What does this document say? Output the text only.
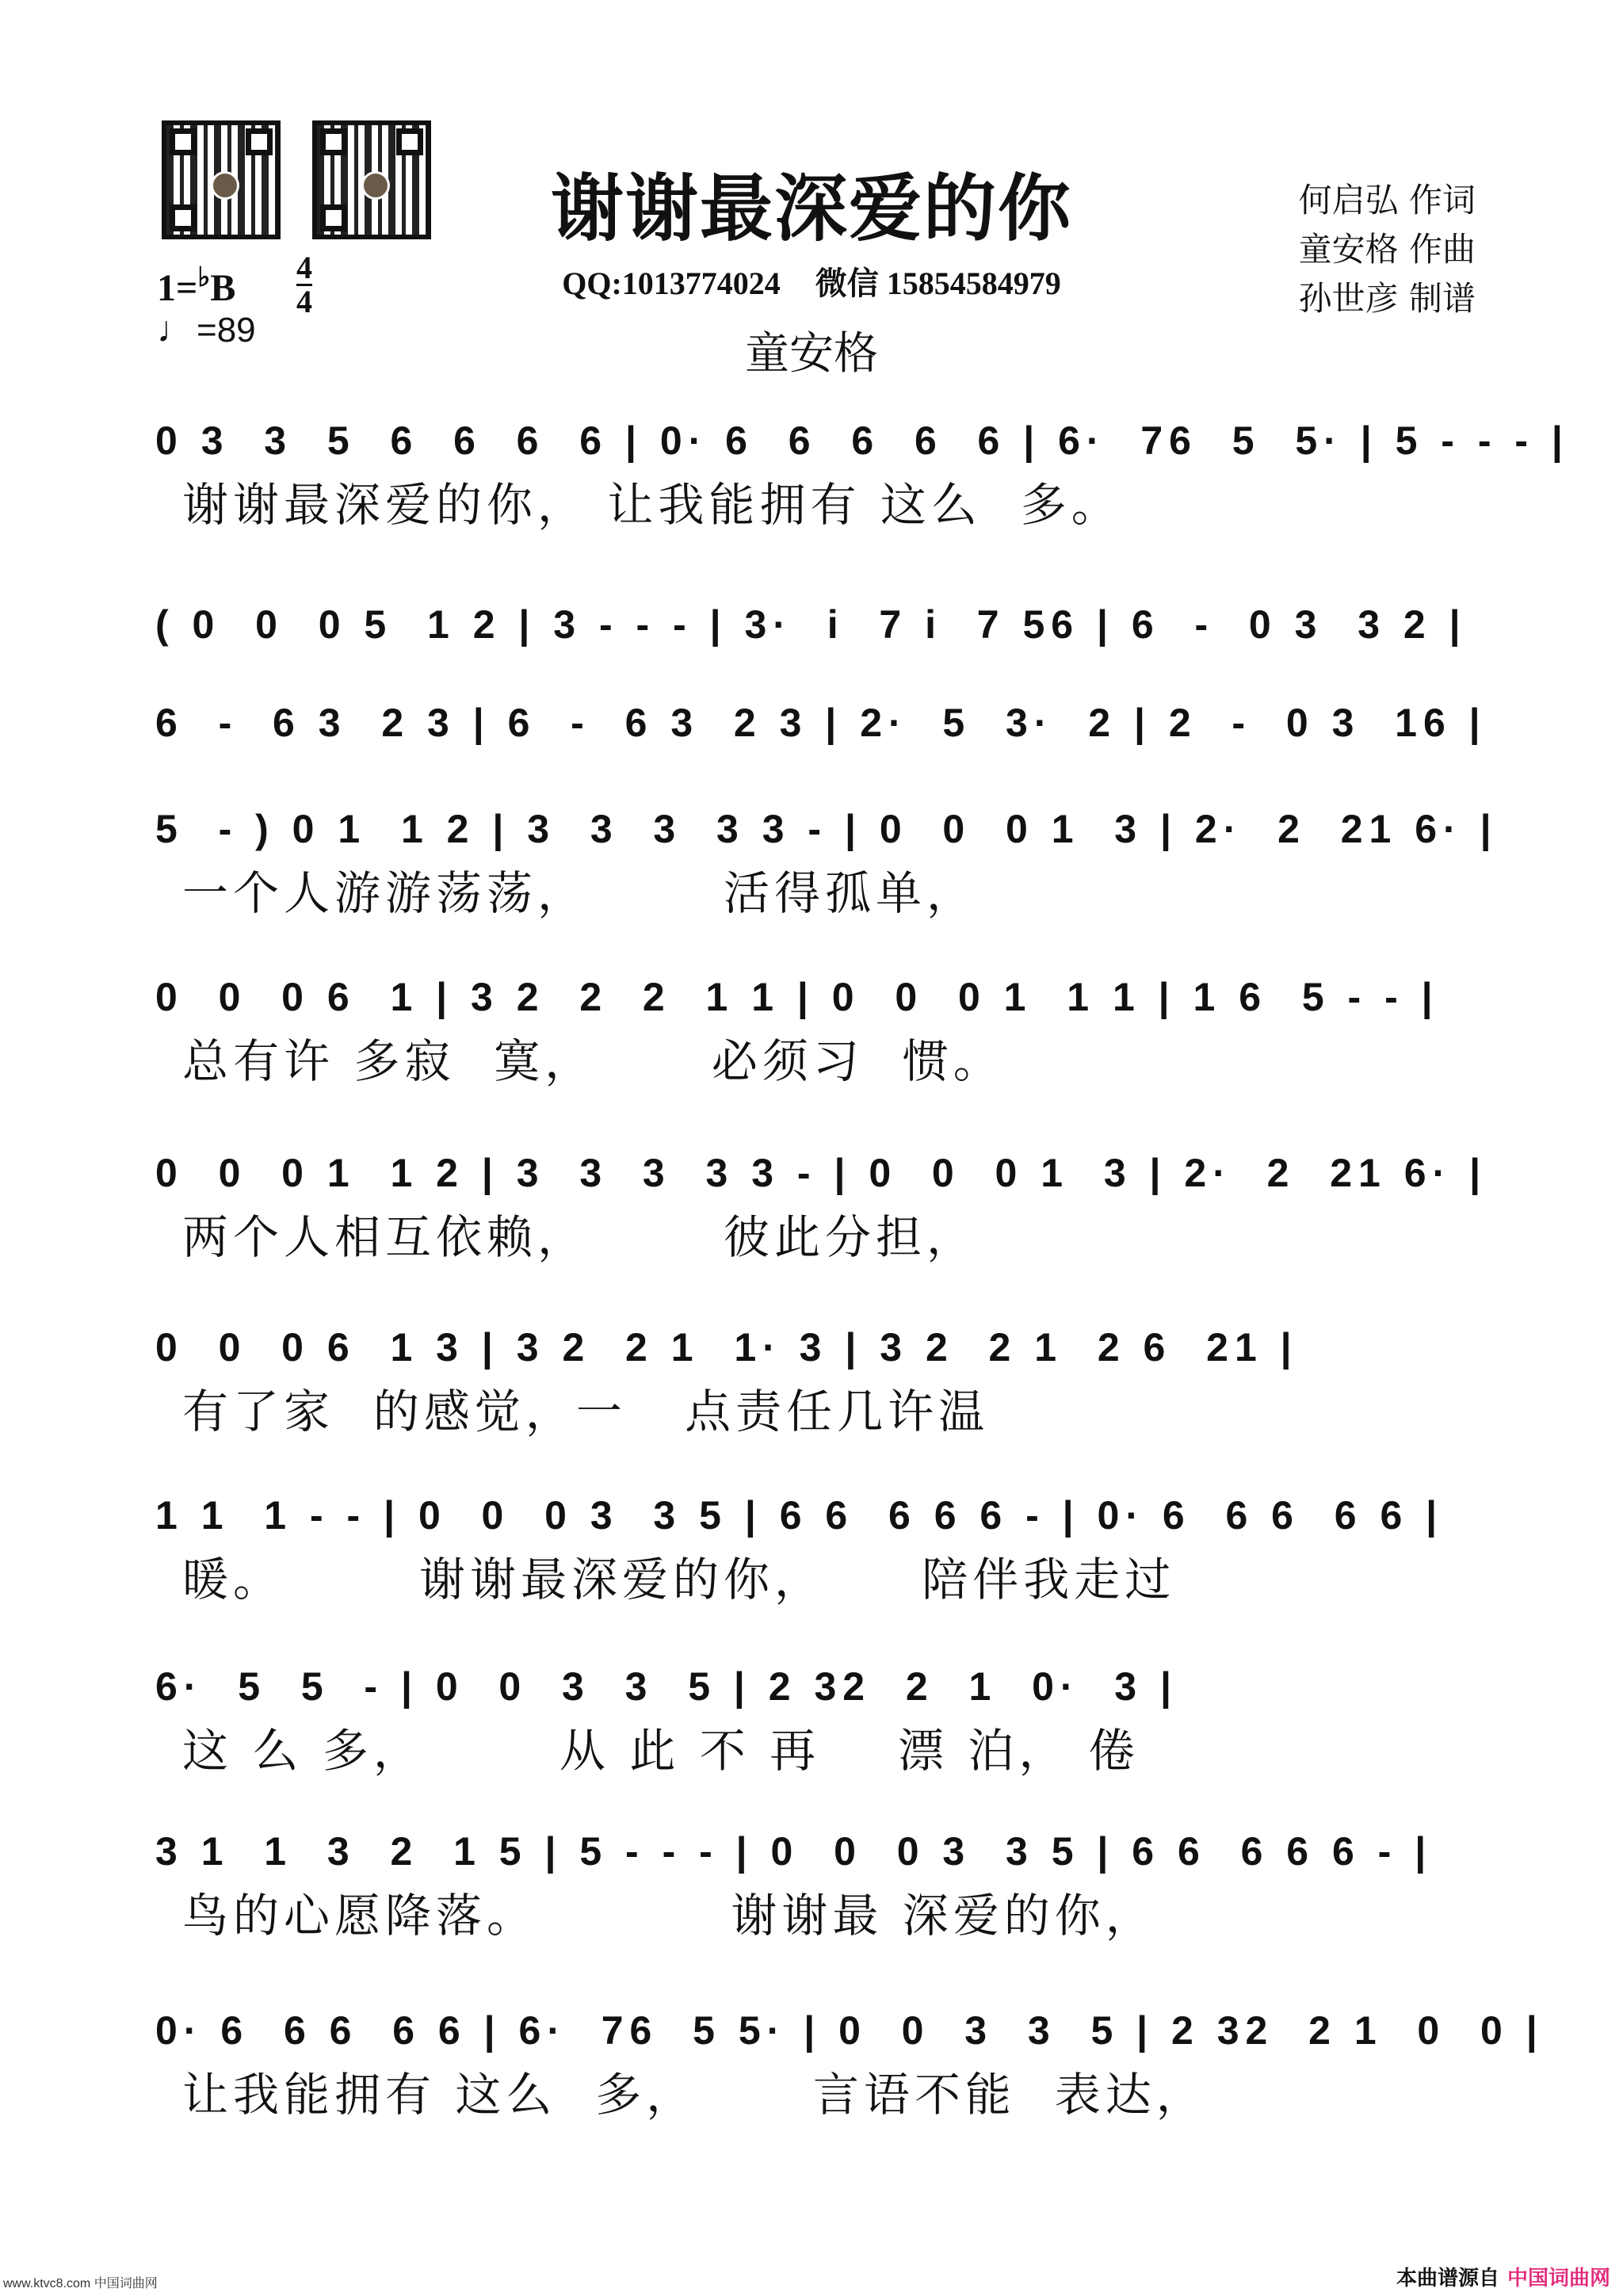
谢谢最深爱的你
QQ:1013774024 微信 15854584979
童安格
何启弘 作词
童安格 作曲
孙世彦 制谱
1=♭B 4
4
♩=89
0 3  3  5  6  6  6  6 | 0· 6  6  6  6  6 | 6·  76  5  5· | 5 - - - |
谢谢最深爱的你， 让我能拥有 这么  多。
( 0  0  0 5  1 2 | 3 - - - | 3·  i  7 i  7 56 | 6  -  0 3  3 2 |
6  -  6 3  2 3 | 6  -  6 3  2 3 | 2·  5  3·  2 | 2  -  0 3  16 |
5  - ) 0 1  1 2 | 3  3  3  3 3 - | 0  0  0 1  3 | 2·  2  21 6· |
一个人游游荡荡，       活得孤单，
0  0  0 6  1 | 3 2  2  2  1 1 | 0  0  0 1  1 1 | 1 6  5 - - |
总有许 多寂  寞，      必须习  惯。
0  0  0 1  1 2 | 3  3  3  3 3 - | 0  0  0 1  3 | 2·  2  21 6· |
两个人相互依赖，       彼此分担，
0  0  0 6  1 3 | 3 2  2 1  1· 3 | 3 2  2 1  2 6  21 |
有了家  的感觉，一   点责任几许温
1 1  1 - - | 0  0  0 3  3 5 | 6 6  6 6 6 - | 0· 6  6 6  6 6 |
暖。       谢谢最深爱的你，     陪伴我走过
6·  5  5  - | 0  0  3  3  5 | 2 32  2  1  0·  3 |
这 么 多，       从 此 不 再    漂 泊， 倦
3 1  1  3  2  1 5 | 5 - - - | 0  0  0 3  3 5 | 6 6  6 6 6 - |
鸟的心愿降落。          谢谢最 深爱的你，
0· 6  6 6  6 6 | 6·  76  5 5· | 0  0  3  3  5 | 2 32  2 1  0  0 |
让我能拥有 这么  多，      言语不能  表达，
www.ktvc8.com 中国词曲网	本曲谱源自 中国词曲网
